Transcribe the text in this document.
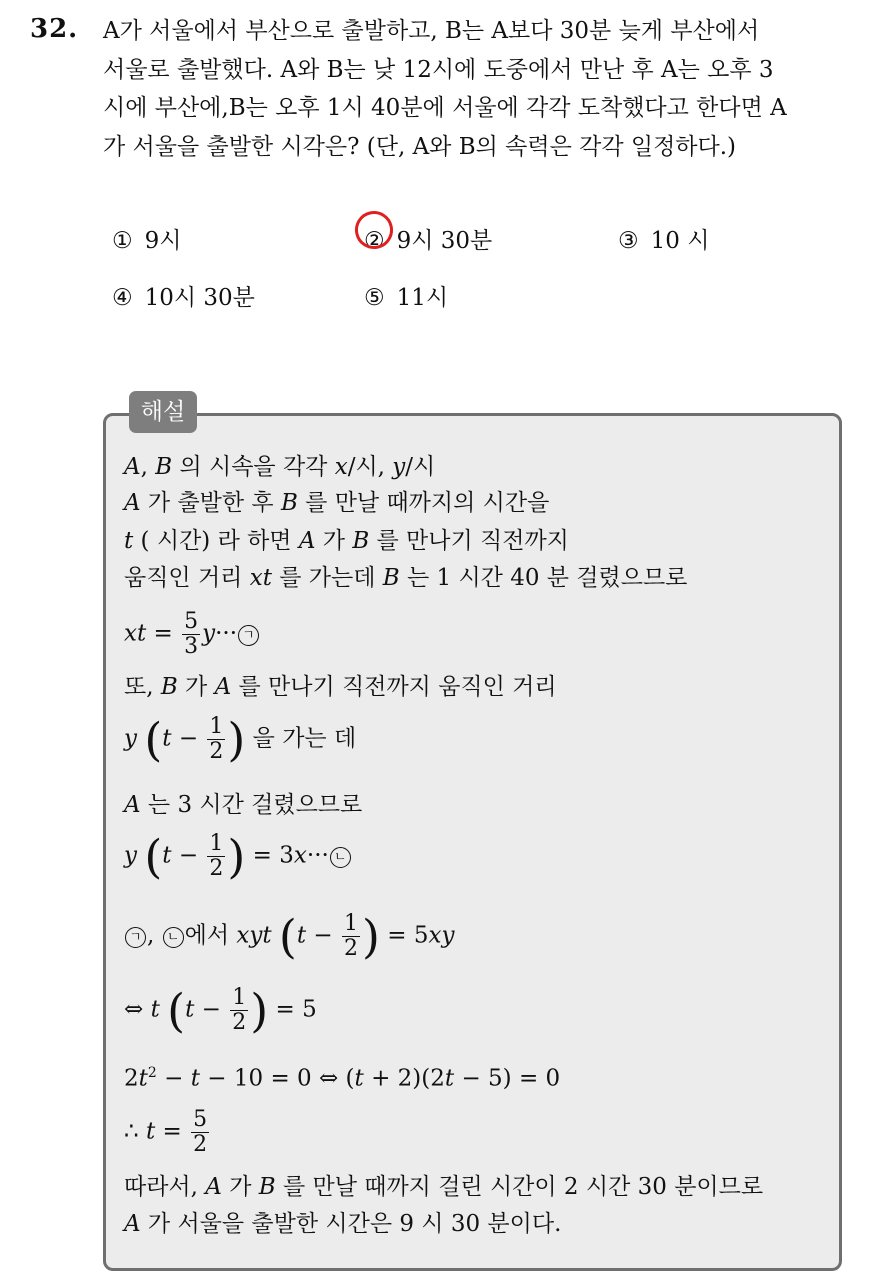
32. A가 서울에서 부산으로 출발하고, B는 A보다 30분 늦게 부산에서
서울로 출발했다. A와 B는 낮 12시에 도중에서 만난 후 A는 오후 3
시에 부산에,B는 오후 1시 40분에 서울에 각각 도착했다고 한다면 A
가 서울을 출발한 시각은? (단, A와 B의 속력은 각각 일정하다.)
① 9시	② 9시 30분	③ 10 시
④ 10시 30분	⑤ 11시
해설
A, B 의 시속을 각각 x/시, y/시
A 가 출발한 후 B 를 만날 때까지의 시간을
t ( 시간) 라 하면 A 가 B 를 만나기 직전까지
움직인 거리 xt 를 가는데 B 는 1 시간 40 분 걸렸으므로
xt = $\frac{5}{3} y\cdot\cdot\cdot$ ㄱ
또, B 가 A 를 만나기 직전까지 움직인 거리
y ($t - \frac{1}{2}$ ) 을 가는 데
A 는 3 시간 걸렸으므로
y ($t - \frac{1}{2}$ ) = 3x··· ㄴ
ㄱ , ㄴ 에서 xyt ($t - \frac{1}{2}$ ) = 5xy
⇔ t ($t - \frac{1}{2}$ ) = 5
$2t^2 - t - 10 = 0$ ⇔ (t + 2)(2t − 5) = 0
∴ $t = \frac{5}{2}$
따라서, A 가 B 를 만날 때까지 걸린 시간이 2 시간 30 분이므로
A 가 서울을 출발한 시간은 9 시 30 분이다.
